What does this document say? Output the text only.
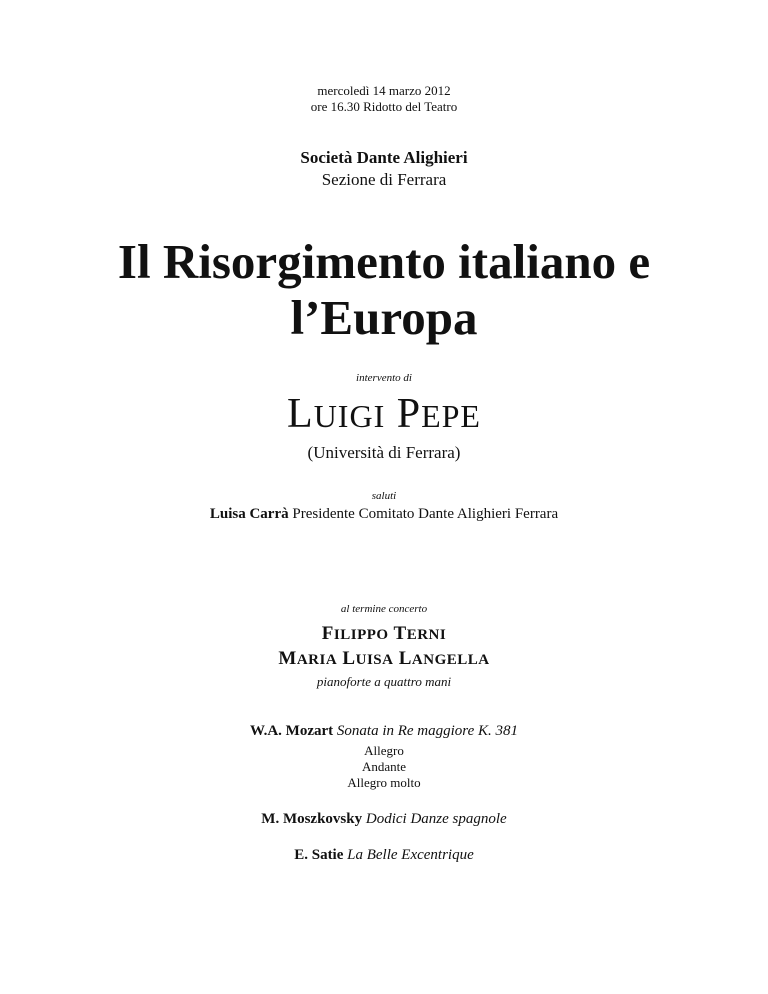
mercoledì 14 marzo 2012
ore 16.30 Ridotto del Teatro
Società Dante Alighieri
Sezione di Ferrara
Il Risorgimento italiano e
l’Europa
intervento di
LUIGI PEPE
(Università di Ferrara)
saluti
Luisa Carrà Presidente Comitato Dante Alighieri Ferrara
al termine concerto
FILIPPO TERNI
MARIA LUISA LANGELLA
pianoforte a quattro mani
W.A. Mozart Sonata in Re maggiore K. 381
Allegro
Andante
Allegro molto
M. Moszkovsky Dodici Danze spagnole
E. Satie La Belle Excentrique
